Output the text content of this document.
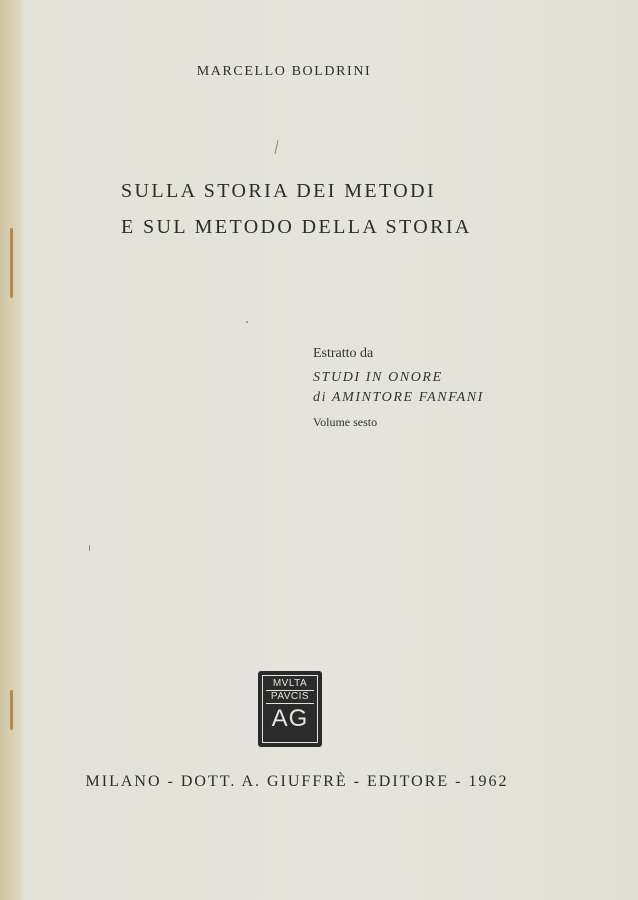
MARCELLO BOLDRINI
SULLA STORIA DEI METODI
E SUL METODO DELLA STORIA
Estratto da
STUDI IN ONORE
di AMINTORE FANFANI
Volume sesto
MVLTA
PAVCIS
AG
MILANO - DOTT. A. GIUFFRÈ - EDITORE - 1962
